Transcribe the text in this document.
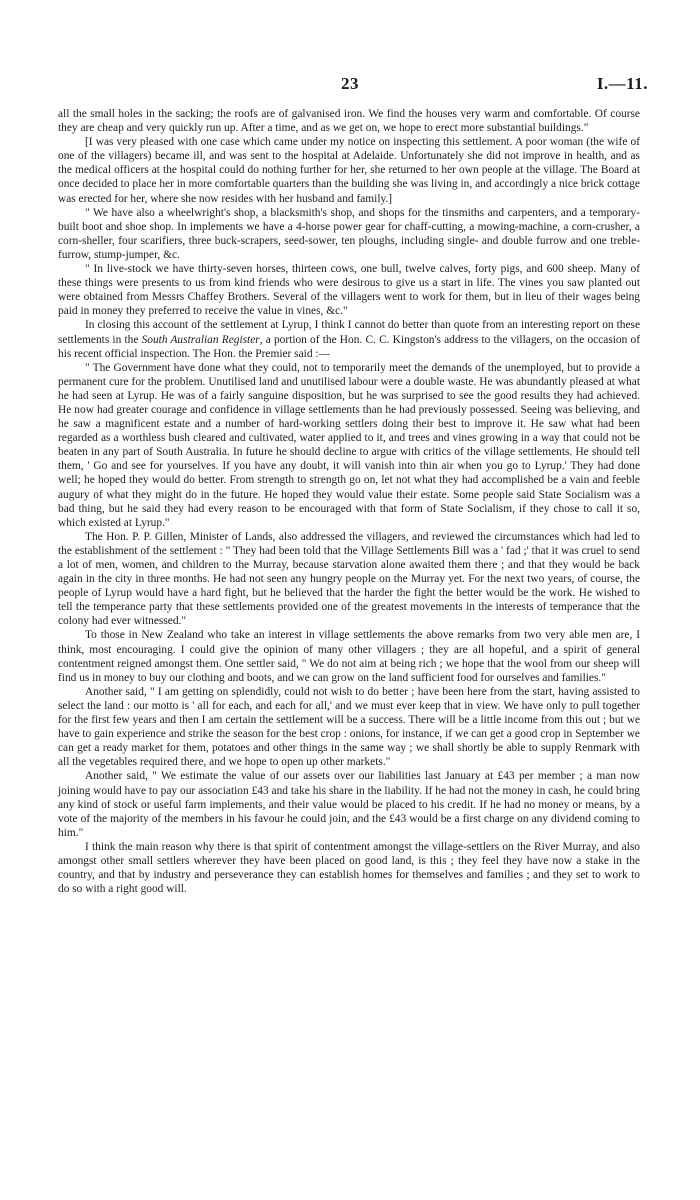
23	I.—11.

all the small holes in the sacking; the roofs are of galvanised iron. We find the houses very warm and comfortable. Of course they are cheap and very quickly run up. After a time, and as we get on, we hope to erect more substantial buildings."

[I was very pleased with one case which came under my notice on inspecting this settlement. A poor woman (the wife of one of the villagers) became ill, and was sent to the hospital at Adelaide. Unfortunately she did not improve in health, and as the medical officers at the hospital could do nothing further for her, she returned to her own people at the village. The Board at once decided to place her in more comfortable quarters than the building she was living in, and accordingly a nice brick cottage was erected for her, where she now resides with her husband and family.]

" We have also a wheelwright's shop, a blacksmith's shop, and shops for the tinsmiths and carpenters, and a temporary-built boot and shoe shop. In implements we have a 4-horse power gear for chaff-cutting, a mowing-machine, a corn-crusher, a corn-sheller, four scarifiers, three buck-scrapers, seed-sower, ten ploughs, including single- and double furrow and one treble-furrow, stump-jumper, &c.

" In live-stock we have thirty-seven horses, thirteen cows, one bull, twelve calves, forty pigs, and 600 sheep. Many of these things were presents to us from kind friends who were desirous to give us a start in life. The vines you saw planted out were obtained from Messrs Chaffey Brothers. Several of the villagers went to work for them, but in lieu of their wages being paid in money they preferred to receive the value in vines, &c."

In closing this account of the settlement at Lyrup, I think I cannot do better than quote from an interesting report on these settlements in the South Australian Register, a portion of the Hon. C. C. Kingston's address to the villagers, on the occasion of his recent official inspection. The Hon. the Premier said :—

" The Government have done what they could, not to temporarily meet the demands of the unemployed, but to provide a permanent cure for the problem. Unutilised land and unutilised labour were a double waste. He was abundantly pleased at what he had seen at Lyrup. He was of a fairly sanguine disposition, but he was surprised to see the good results they had achieved. He now had greater courage and confidence in village settlements than he had previously possessed. Seeing was believing, and he saw a magnificent estate and a number of hard-working settlers doing their best to improve it. He saw what had been regarded as a worthless bush cleared and cultivated, water applied to it, and trees and vines growing in a way that could not be beaten in any part of South Australia. In future he should decline to argue with critics of the village settlements. He should tell them, ' Go and see for yourselves. If you have any doubt, it will vanish into thin air when you go to Lyrup.' They had done well; he hoped they would do better. From strength to strength go on, let not what they had accomplished be a vain and feeble augury of what they might do in the future. He hoped they would value their estate. Some people said State Socialism was a bad thing, but he said they had every reason to be encouraged with that form of State Socialism, if they chose to call it so, which existed at Lyrup."

The Hon. P. P. Gillen, Minister of Lands, also addressed the villagers, and reviewed the circumstances which had led to the establishment of the settlement : " They had been told that the Village Settlements Bill was a ' fad ;' that it was cruel to send a lot of men, women, and children to the Murray, because starvation alone awaited them there ; and that they would be back again in the city in three months. He had not seen any hungry people on the Murray yet. For the next two years, of course, the people of Lyrup would have a hard fight, but he believed that the harder the fight the better would be the work. He wished to tell the temperance party that these settlements provided one of the greatest movements in the interests of temperance that the colony had ever witnessed."

To those in New Zealand who take an interest in village settlements the above remarks from two very able men are, I think, most encouraging. I could give the opinion of many other villagers ; they are all hopeful, and a spirit of general contentment reigned amongst them. One settler said, " We do not aim at being rich ; we hope that the wool from our sheep will find us in money to buy our clothing and boots, and we can grow on the land sufficient food for ourselves and families."

Another said, " I am getting on splendidly, could not wish to do better ; have been here from the start, having assisted to select the land : our motto is ' all for each, and each for all,' and we must ever keep that in view. We have only to pull together for the first few years and then I am certain the settlement will be a success. There will be a little income from this out ; but we have to gain experience and strike the season for the best crop : onions, for instance, if we can get a good crop in September we can get a ready market for them, potatoes and other things in the same way ; we shall shortly be able to supply Renmark with all the vegetables required there, and we hope to open up other markets."

Another said, " We estimate the value of our assets over our liabilities last January at £43 per member ; a man now joining would have to pay our association £43 and take his share in the liability. If he had not the money in cash, he could bring any kind of stock or useful farm implements, and their value would be placed to his credit. If he had no money or means, by a vote of the majority of the members in his favour he could join, and the £43 would be a first charge on any dividend coming to him."

I think the main reason why there is that spirit of contentment amongst the village-settlers on the River Murray, and also amongst other small settlers wherever they have been placed on good land, is this ; they feel they have now a stake in the country, and that by industry and perseverance they can establish homes for themselves and families ; and they set to work to do so with a right good will.
